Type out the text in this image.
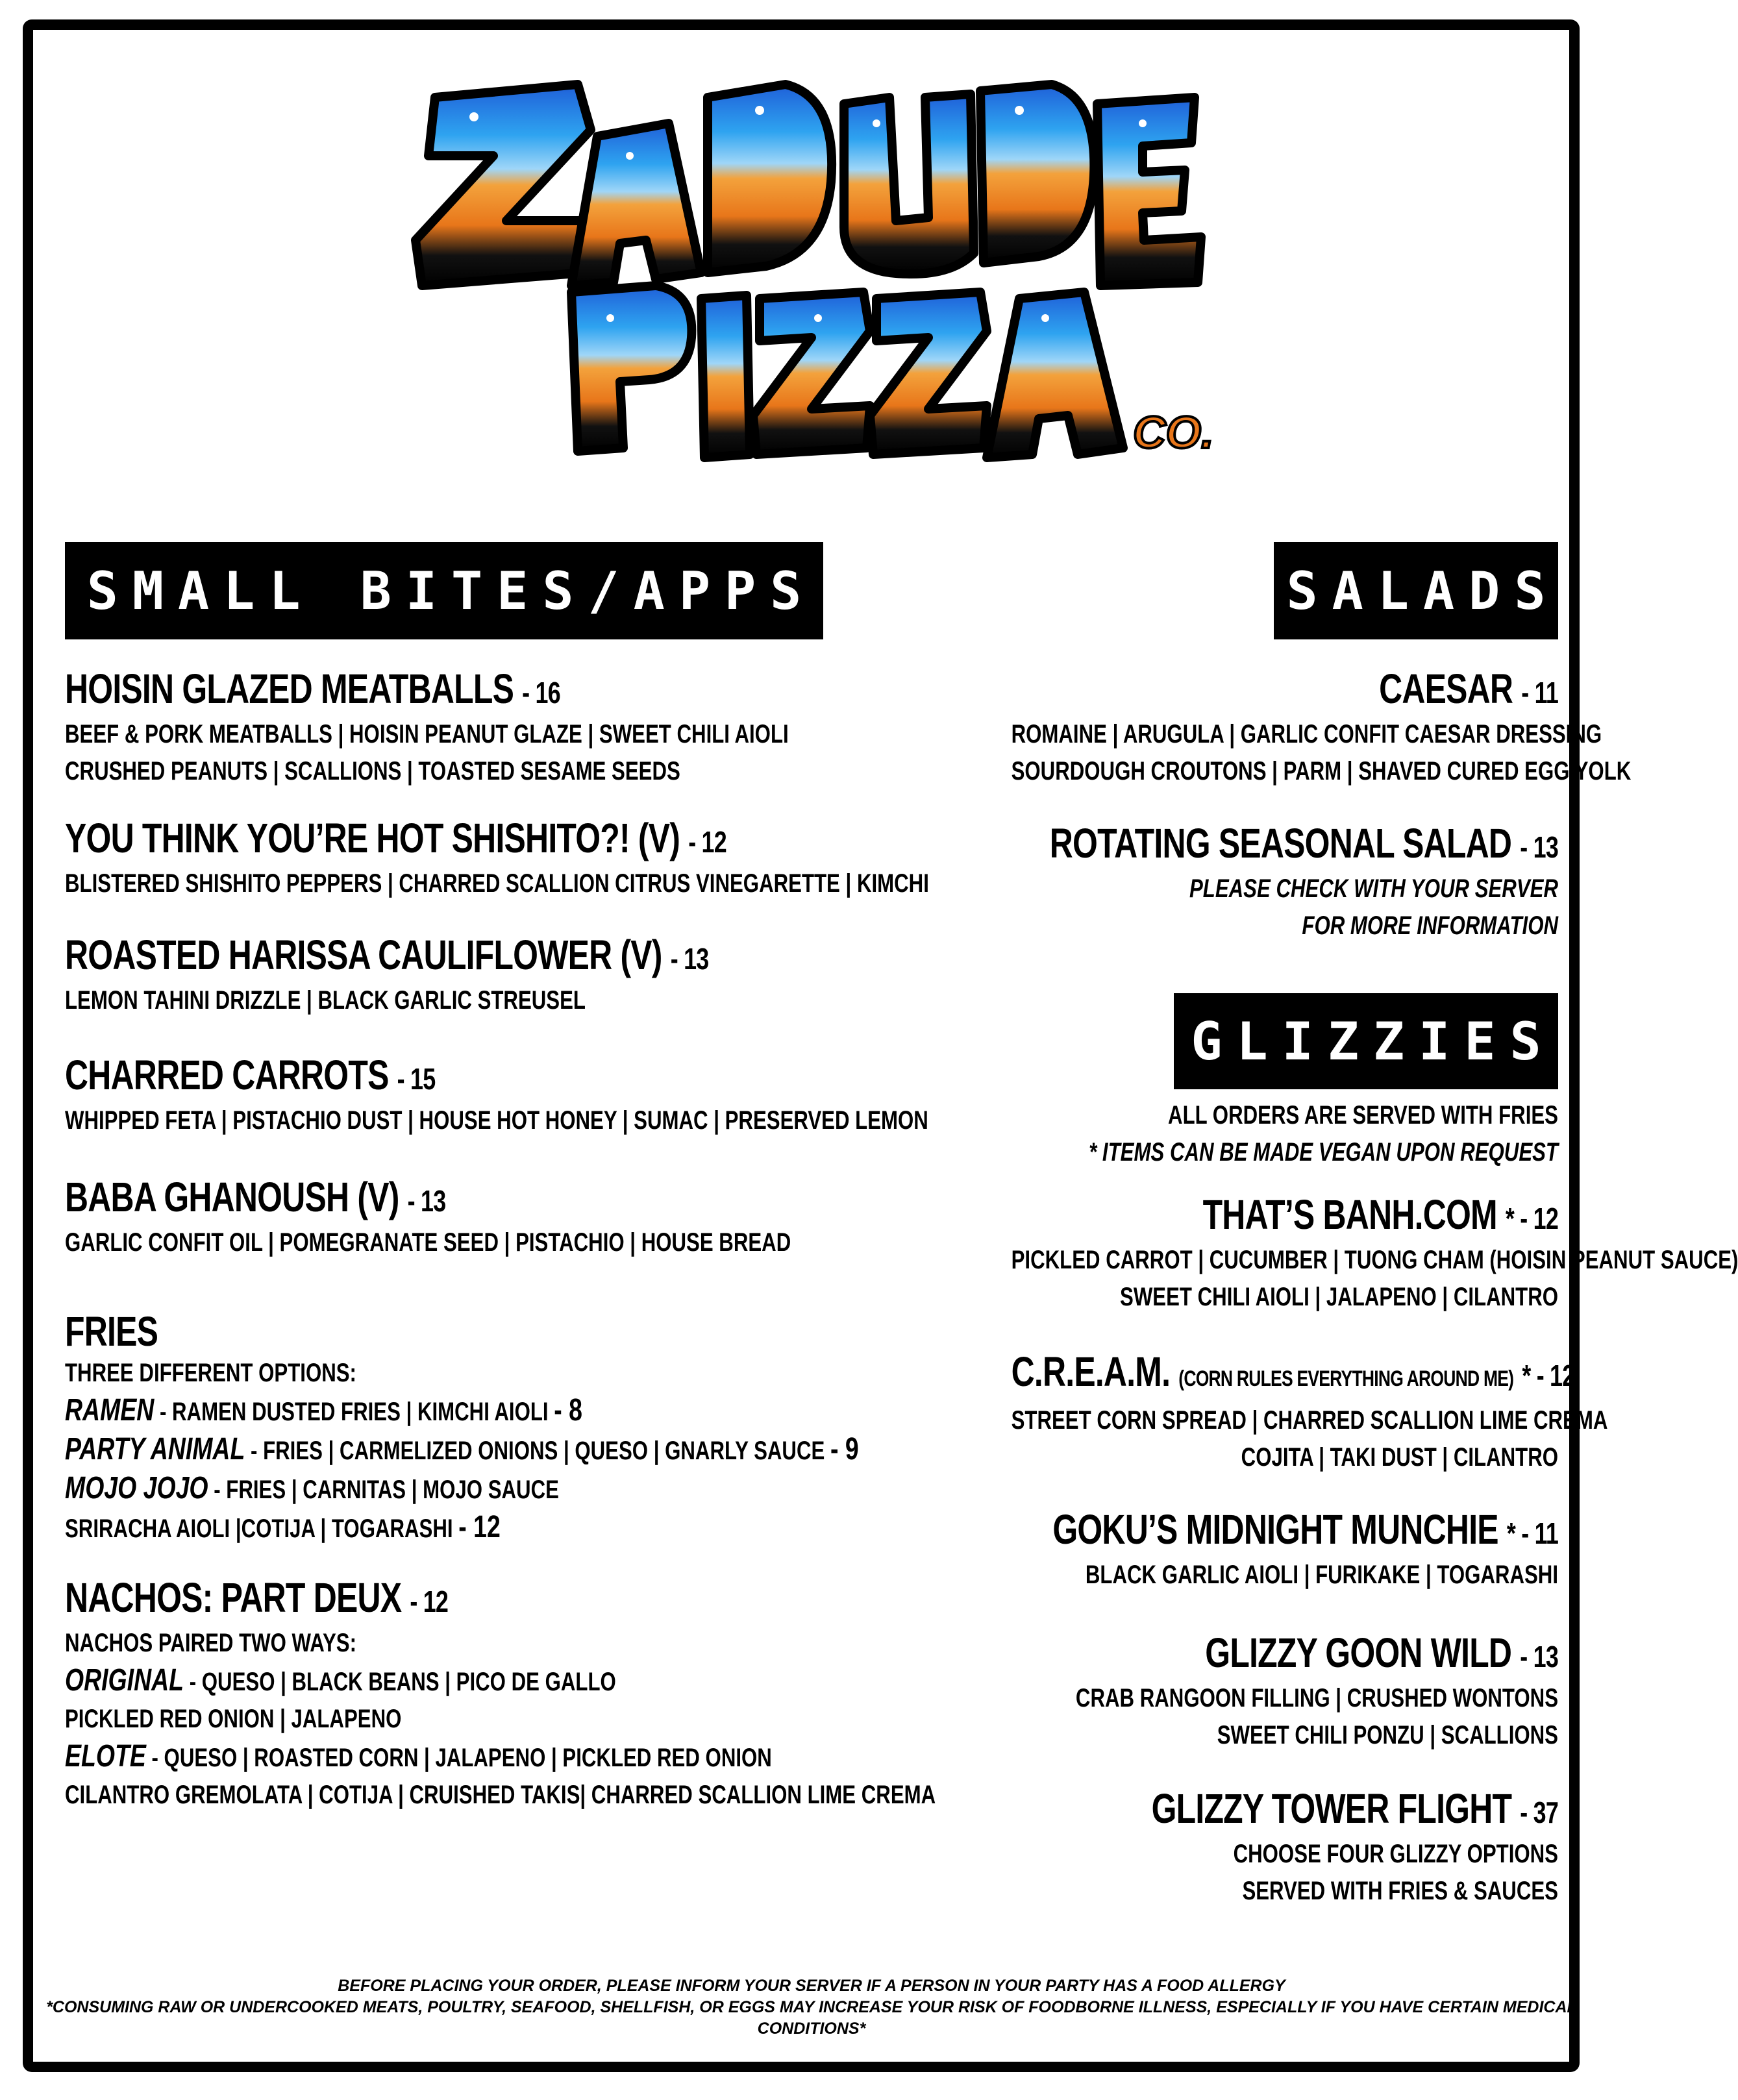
CO.
SMALL BITES/APPS	SALADS
GLIZZIES
HOISIN GLAZED MEATBALLS - 16
BEEF & PORK MEATBALLS | HOISIN PEANUT GLAZE | SWEET CHILI AIOLI
CRUSHED PEANUTS | SCALLIONS | TOASTED SESAME SEEDS
YOU THINK YOU’RE HOT SHISHITO?! (V) - 12
BLISTERED SHISHITO PEPPERS | CHARRED SCALLION CITRUS VINEGARETTE | KIMCHI
ROASTED HARISSA CAULIFLOWER (V) - 13
LEMON TAHINI DRIZZLE | BLACK GARLIC STREUSEL
CHARRED CARROTS - 15
WHIPPED FETA | PISTACHIO DUST | HOUSE HOT HONEY | SUMAC | PRESERVED LEMON
BABA GHANOUSH (V) - 13
GARLIC CONFIT OIL | POMEGRANATE SEED | PISTACHIO | HOUSE BREAD
FRIES
THREE DIFFERENT OPTIONS:
RAMEN - RAMEN DUSTED FRIES | KIMCHI AIOLI - 8
PARTY ANIMAL - FRIES | CARMELIZED ONIONS | QUESO | GNARLY SAUCE - 9
MOJO JOJO - FRIES | CARNITAS | MOJO SAUCE
SRIRACHA AIOLI |COTIJA | TOGARASHI - 12
NACHOS: PART DEUX - 12
NACHOS PAIRED TWO WAYS:
ORIGINAL - QUESO | BLACK BEANS | PICO DE GALLO
PICKLED RED ONION | JALAPENO
ELOTE - QUESO | ROASTED CORN | JALAPENO | PICKLED RED ONION
CILANTRO GREMOLATA | COTIJA | CRUISHED TAKIS| CHARRED SCALLION LIME CREMA
CAESAR - 11
ROMAINE | ARUGULA | GARLIC CONFIT CAESAR DRESSING
SOURDOUGH CROUTONS | PARM | SHAVED CURED EGG YOLK
ROTATING SEASONAL SALAD - 13
PLEASE CHECK WITH YOUR SERVER
FOR MORE INFORMATION
ALL ORDERS ARE SERVED WITH FRIES
* ITEMS CAN BE MADE VEGAN UPON REQUEST
THAT’S BANH.COM * - 12
PICKLED CARROT | CUCUMBER | TUONG CHAM (HOISIN PEANUT SAUCE)
SWEET CHILI AIOLI | JALAPENO | CILANTRO
C.R.E.A.M. (CORN RULES EVERYTHING AROUND ME) * - 12
STREET CORN SPREAD | CHARRED SCALLION LIME CREMA
COJITA | TAKI DUST | CILANTRO
GOKU’S MIDNIGHT MUNCHIE * - 11
BLACK GARLIC AIOLI | FURIKAKE | TOGARASHI
GLIZZY GOON WILD - 13
CRAB RANGOON FILLING | CRUSHED WONTONS
SWEET CHILI PONZU | SCALLIONS
GLIZZY TOWER FLIGHT - 37
CHOOSE FOUR GLIZZY OPTIONS
SERVED WITH FRIES & SAUCES
BEFORE PLACING YOUR ORDER, PLEASE INFORM YOUR SERVER IF A PERSON IN YOUR PARTY HAS A FOOD ALLERGY
*CONSUMING RAW OR UNDERCOOKED MEATS, POULTRY, SEAFOOD, SHELLFISH, OR EGGS MAY INCREASE YOUR RISK OF FOODBORNE ILLNESS, ESPECIALLY IF YOU HAVE CERTAIN MEDICAL CONDITIONS*
